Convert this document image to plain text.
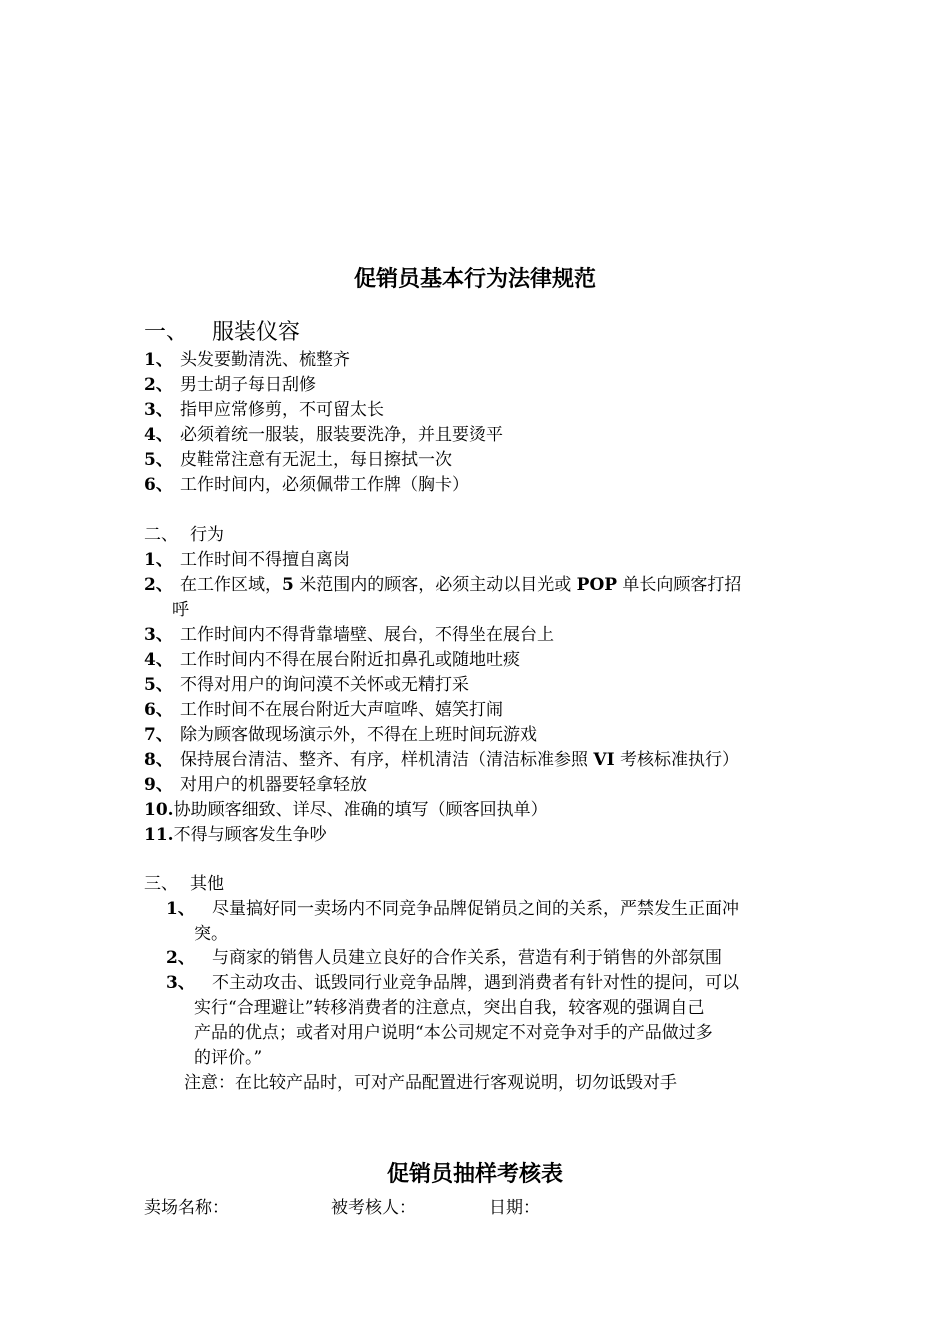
促销员基本行为法律规范
一、 服装仪容
1、 头发要勤清洗、梳整齐
2、 男士胡子每日刮修
3、 指甲应常修剪，不可留太长
4、 必须着统一服装，服装要洗净，并且要烫平
5、 皮鞋常注意有无泥土，每日擦拭一次
6、 工作时间内，必须佩带工作牌（胸卡）
二、 行为
1、 工作时间不得擅自离岗
2、 在工作区域，5 米范围内的顾客，必须主动以目光或 POP 单长向顾客打招
呼
3、 工作时间内不得背靠墙壁、展台，不得坐在展台上
4、 工作时间内不得在展台附近扣鼻孔或随地吐痰
5、 不得对用户的询问漠不关怀或无精打采
6、 工作时间不在展台附近大声喧哗、嬉笑打闹
7、 除为顾客做现场演示外，不得在上班时间玩游戏
8、 保持展台清洁、整齐、有序，样机清洁（清洁标准参照 VI 考核标准执行）
9、 对用户的机器要轻拿轻放
10.协助顾客细致、详尽、准确的填写（顾客回执单）
11.不得与顾客发生争吵
三、 其他
1、	尽量搞好同一卖场内不同竞争品牌促销员之间的关系，严禁发生正面冲
突。
2、	与商家的销售人员建立良好的合作关系，营造有利于销售的外部氛围
3、	不主动攻击、诋毁同行业竞争品牌，遇到消费者有针对性的提问，可以
实行“合理避让”转移消费者的注意点，突出自我，较客观的强调自己
产品的优点；或者对用户说明“本公司规定不对竞争对手的产品做过多
的评价。”
注意：在比较产品时，可对产品配置进行客观说明，切勿诋毁对手
促销员抽样考核表
卖场名称：	被考核人：	日期：
